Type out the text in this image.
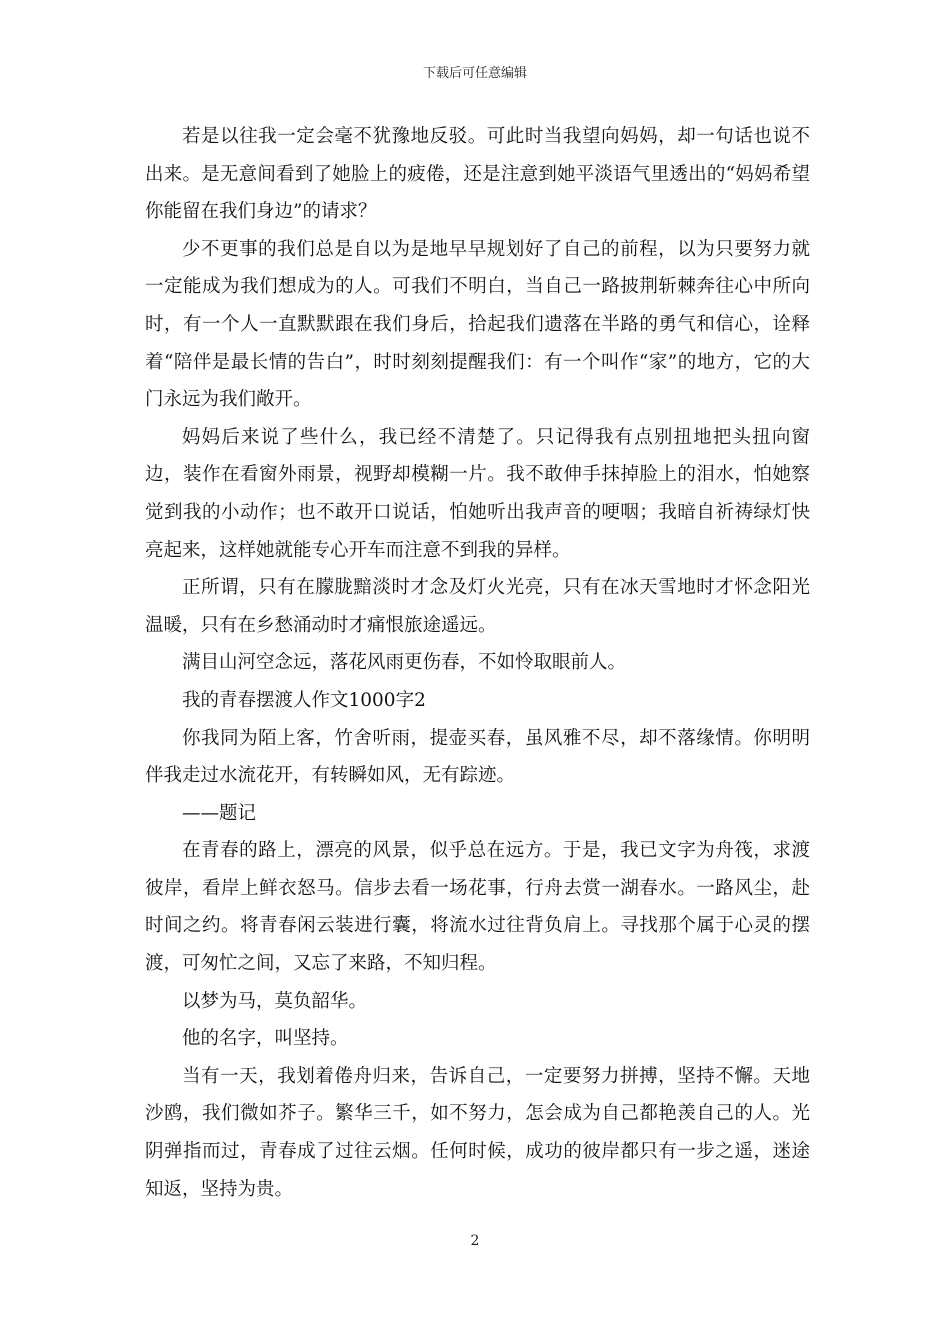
下载后可任意编辑

若是以往我一定会毫不犹豫地反驳。可此时当我望向妈妈，却一句话也说不出来。是无意间看到了她脸上的疲倦，还是注意到她平淡语气里透出的“妈妈希望你能留在我们身边”的请求？

少不更事的我们总是自以为是地早早规划好了自己的前程，以为只要努力就一定能成为我们想成为的人。可我们不明白，当自己一路披荆斩棘奔往心中所向时，有一个人一直默默跟在我们身后，拾起我们遗落在半路的勇气和信心，诠释着“陪伴是最长情的告白”，时时刻刻提醒我们：有一个叫作“家”的地方，它的大门永远为我们敞开。

妈妈后来说了些什么，我已经不清楚了。只记得我有点别扭地把头扭向窗边，装作在看窗外雨景，视野却模糊一片。我不敢伸手抹掉脸上的泪水，怕她察觉到我的小动作；也不敢开口说话，怕她听出我声音的哽咽；我暗自祈祷绿灯快亮起来，这样她就能专心开车而注意不到我的异样。

正所谓，只有在朦胧黯淡时才念及灯火光亮，只有在冰天雪地时才怀念阳光温暖，只有在乡愁涌动时才痛恨旅途遥远。

满目山河空念远，落花风雨更伤春，不如怜取眼前人。

我的青春摆渡人作文1000字2

你我同为陌上客，竹舍听雨，提壶买春，虽风雅不尽，却不落缘情。你明明伴我走过水流花开，有转瞬如风，无有踪迹。

——题记

在青春的路上，漂亮的风景，似乎总在远方。于是，我已文字为舟筏，求渡彼岸，看岸上鲜衣怒马。信步去看一场花事，行舟去赏一湖春水。一路风尘，赴时间之约。将青春闲云装进行囊，将流水过往背负肩上。寻找那个属于心灵的摆渡，可匆忙之间，又忘了来路，不知归程。

以梦为马，莫负韶华。

他的名字，叫坚持。

当有一天，我划着倦舟归来，告诉自己，一定要努力拼搏，坚持不懈。天地沙鸥，我们微如芥子。繁华三千，如不努力，怎会成为自己都艳羡自己的人。光阴弹指而过，青春成了过往云烟。任何时候，成功的彼岸都只有一步之遥，迷途知返，坚持为贵。

2
